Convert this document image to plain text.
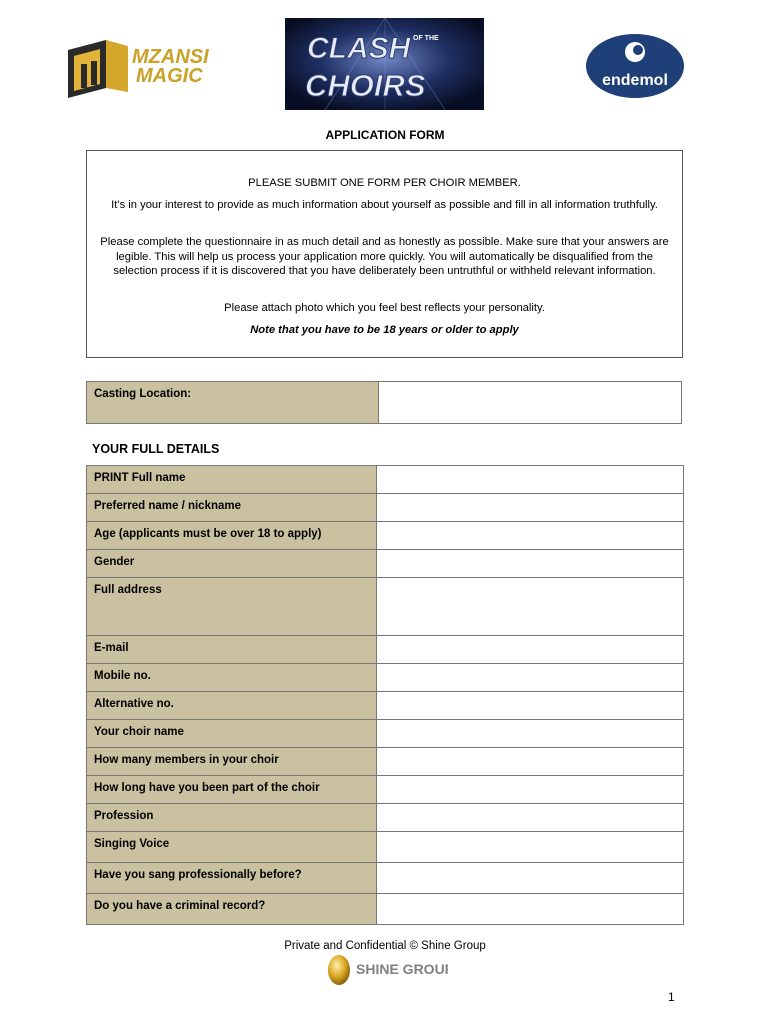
MZANSI
MAGIC
CLASH OF THE
CHOIRS	endemol
APPLICATION FORM

PLEASE SUBMIT ONE FORM PER CHOIR MEMBER.

It’s in your interest to provide as much information about yourself as possible and fill in all information truthfully.

Please complete the questionnaire in as much detail and as honestly as possible. Make sure that your answers are legible. This will help us process your application more quickly. You will automatically be disqualified from the selection process if it is discovered that you have deliberately been untruthful or withheld relevant information.

Please attach photo which you feel best reflects your personality.

Note that you have to be 18 years or older to apply

Casting Location:	
YOUR FULL DETAILS
PRINT Full name	
Preferred name / nickname	
Age (applicants must be over 18 to apply)	
Gender	
Full address	
E-mail	
Mobile no.	
Alternative no.	
Your choir name	
How many members in your choir	
How long have you been part of the choir	
Profession	
Singing Voice	
Have you sang professionally before?	
Do you have a criminal record?	
Private and Confidential © Shine Group
SHINE GROUP
1
